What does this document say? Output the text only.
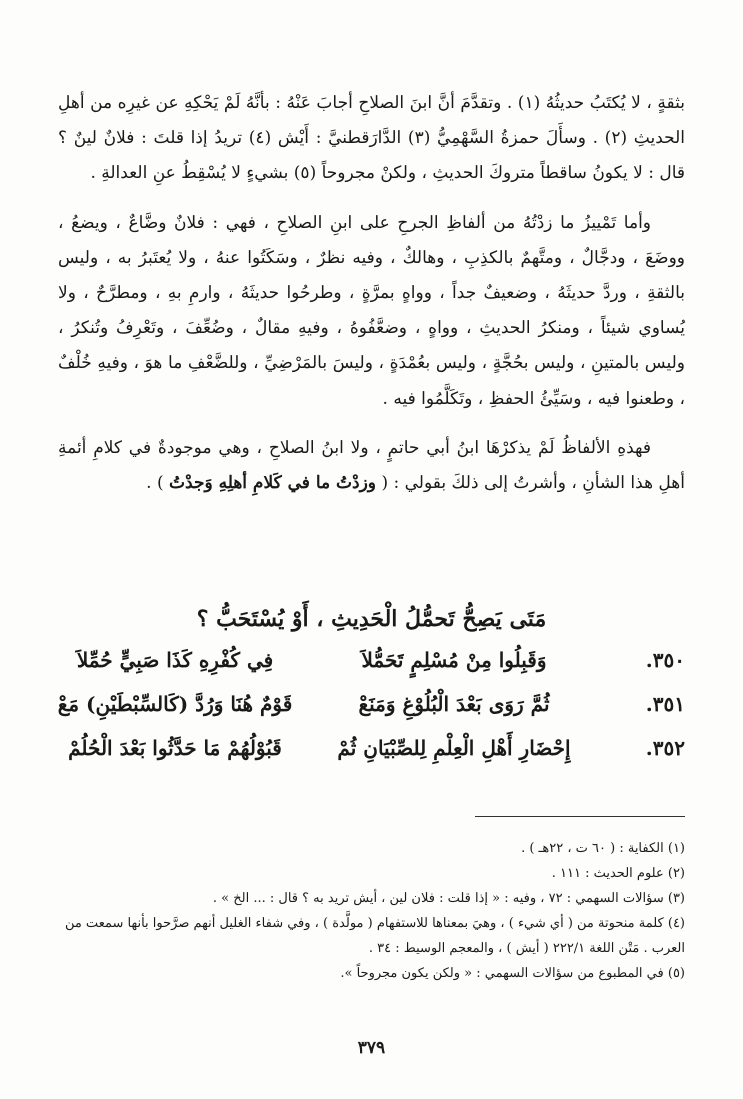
بثقةٍ ، لا يُكتَبُ حديثُهُ (١) . وتقدَّمَ أنَّ ابنَ الصلاحِ أجابَ عَنْهُ : بأنَّهُ لَمْ يَحْكِهِ عن غيرِه من أهلِ الحديثِ (٢) . وسأَلَ حمزةُ السَّهْمِيُّ (٣) الدَّارَقطنيَّ : أَيْش (٤) تريدُ إذا قلتَ : فلانٌ لينٌ ؟ قال : لا يكونُ ساقطاً متروكَ الحديثِ ، ولكنْ مجروحاً (٥) بشيءٍ لا يُسْقِطُ عنِ العدالةِ .

وأما تَمْييزُ ما زدْتُهُ من ألفاظِ الجرحِ على ابنِ الصلاحِ ، فهي : فلانٌ وضَّاعٌ ، ويضعُ ، ووضَعَ ، ودجَّالٌ ، ومتَّهمٌ بالكذِبِ ، وهالكٌ ، وفيه نظرٌ ، وسَكَتُوا عنهُ ، ولا يُعتَبرُ به ، وليس بالثقةِ ، وردَّ حديثَهُ ، وضعيفٌ جداً ، وواهٍ بمرَّةٍ ، وطرحُوا حديثَهُ ، وارمِ بهِ ، ومطرَّحٌ ، ولا يُساوي شيئاً ، ومنكرُ الحديثِ ، وواهٍ ، وضعَّفُوهُ ، وفيهِ مقالٌ ، وضُعِّفَ ، وتَعْرِفُ وتُنكرُ ، وليس بالمتينِ ، وليس بحُجَّةٍ ، وليس بعُمْدَةٍ ، وليسَ بالمَرْضِيِّ ، وللضَّعْفِ ما هوَ ، وفيهِ خُلْفٌ ، وطعنوا فيه ، وسَيِّئُ الحفظِ ، وتَكَلَّمُوا فيه .

فهذهِ الألفاظُ لَمْ يذكرْهَا ابنُ أبي حاتمٍ ، ولا ابنُ الصلاحِ ، وهي موجودةٌ في كلامِ أئمةِ أهلِ هذا الشأنِ ، وأشرتُ إلى ذلكَ بقولي : ( وزدْتُ ما في كَلامِ أهلِهِ وَجدْتُ ) .

مَتَى يَصِحُّ تَحمُّلُ الْحَدِيثِ ، أَوْ يُسْتَحَبُّ ؟
٣٥٠.
وَقَبِلُوا مِنْ مُسْلِمٍ تَحَمُّلاَ
فِي كُفْرِهِ كَذَا صَبِيٍّ حُمِّلاَ
٣٥١.
ثُمَّ رَوَى بَعْدَ الْبُلُوْغِ وَمَنَعْ
قَوْمٌ هُنَا وَرُدَّ (كَالسِّبْطَيْنِ) مَعْ
٣٥٢.
إِحْضَارِ أَهْلِ الْعِلْمِ لِلصِّبْيَانِ ثُمْ
قَبُوْلُهُمْ مَا حَدَّثُوا بَعْدَ الْحُلُمْ

(١) الكفاية : ( ٦٠ ت ، ٢٢هـ ) .

(٢) علوم الحديث : ١١١ .

(٣) سؤالات السهمي : ٧٢ ، وفيه : « إذا قلت : فلان لين ، أيش تريد به ؟ قال : ... الخ » .

(٤) كلمة منحوتة من ( أي شيء ) ، وهيَ بمعناها للاستفهام ( مولَّدة ) ، وفي شفاء الغليل أنهم صرَّحوا بأنها سمعت من العرب . مَتْن اللغة ٢٢٢/١ ( أيش ) ، والمعجم الوسيط : ٣٤ .

(٥) في المطبوع من سؤالات السهمي : « ولكن يكون مجروحاً ».

٣٧٩
